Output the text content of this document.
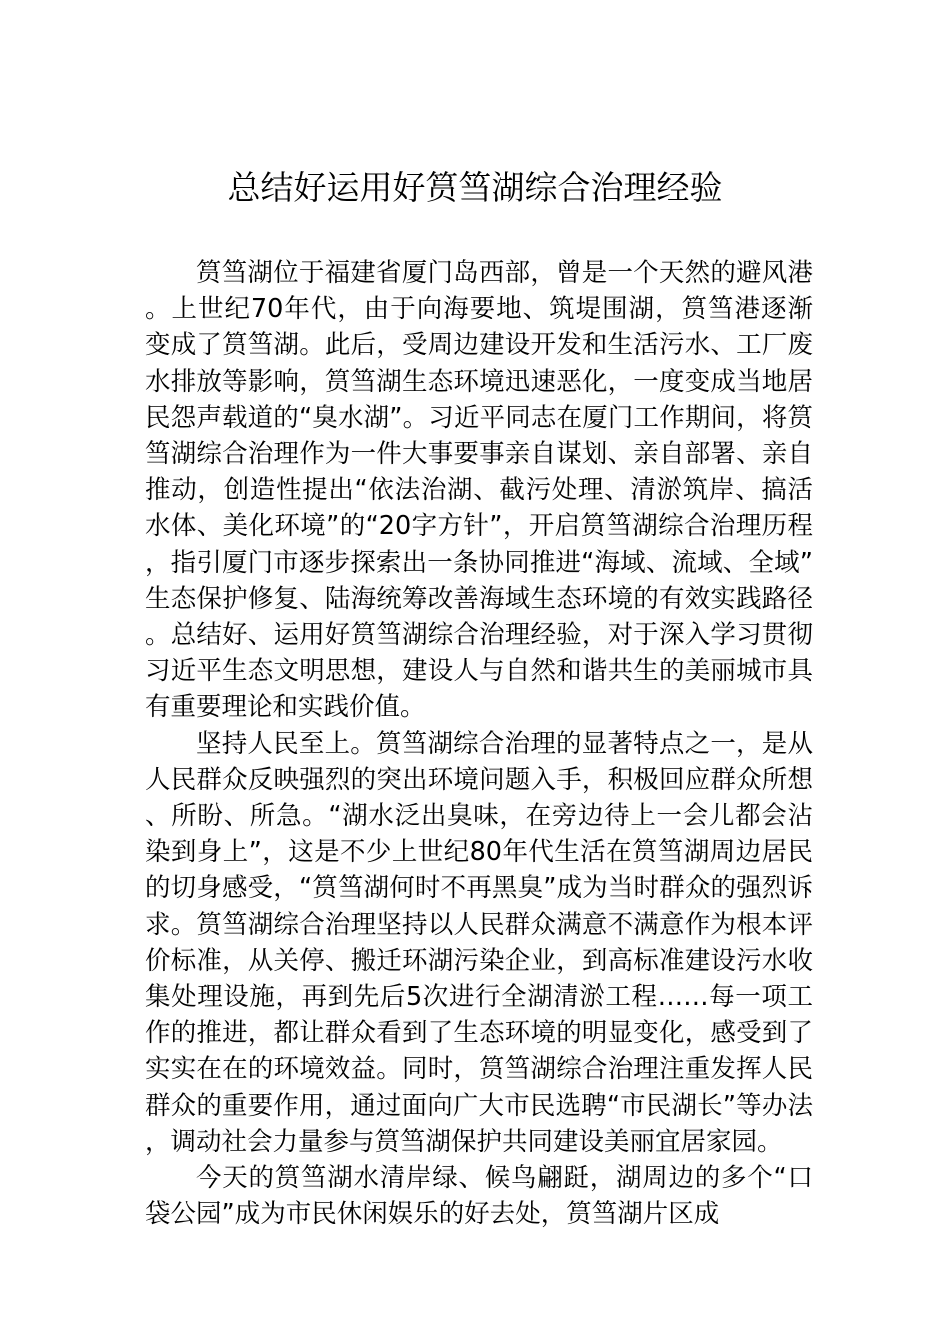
总结好运用好筼筜湖综合治理经验

筼筜湖位于福建省厦门岛西部，曾是一个天然的避风港。上世纪70年代，由于向海要地、筑堤围湖，筼筜港逐渐变成了筼筜湖。此后，受周边建设开发和生活污水、工厂废水排放等影响，筼筜湖生态环境迅速恶化，一度变成当地居民怨声载道的“臭水湖”。习近平同志在厦门工作期间，将筼筜湖综合治理作为一件大事要事亲自谋划、亲自部署、亲自推动，创造性提出“依法治湖、截污处理、清淤筑岸、搞活水体、美化环境”的“20字方针”，开启筼筜湖综合治理历程，指引厦门市逐步探索出一条协同推进“海域、流域、全域”生态保护修复、陆海统筹改善海域生态环境的有效实践路径。总结好、运用好筼筜湖综合治理经验，对于深入学习贯彻习近平生态文明思想，建设人与自然和谐共生的美丽城市具有重要理论和实践价值。

坚持人民至上。筼筜湖综合治理的显著特点之一，是从人民群众反映强烈的突出环境问题入手，积极回应群众所想、所盼、所急。“湖水泛出臭味，在旁边待上一会儿都会沾染到身上”，这是不少上世纪80年代生活在筼筜湖周边居民的切身感受，“筼筜湖何时不再黑臭”成为当时群众的强烈诉求。筼筜湖综合治理坚持以人民群众满意不满意作为根本评价标准，从关停、搬迁环湖污染企业，到高标准建设污水收集处理设施，再到先后5次进行全湖清淤工程……每一项工作的推进，都让群众看到了生态环境的明显变化，感受到了实实在在的环境效益。同时，筼筜湖综合治理注重发挥人民群众的重要作用，通过面向广大市民选聘“市民湖长”等办法，调动社会力量参与筼筜湖保护共同建设美丽宜居家园。

今天的筼筜湖水清岸绿、候鸟翩跹，湖周边的多个“口袋公园”成为市民休闲娱乐的好去处，筼筜湖片区成
